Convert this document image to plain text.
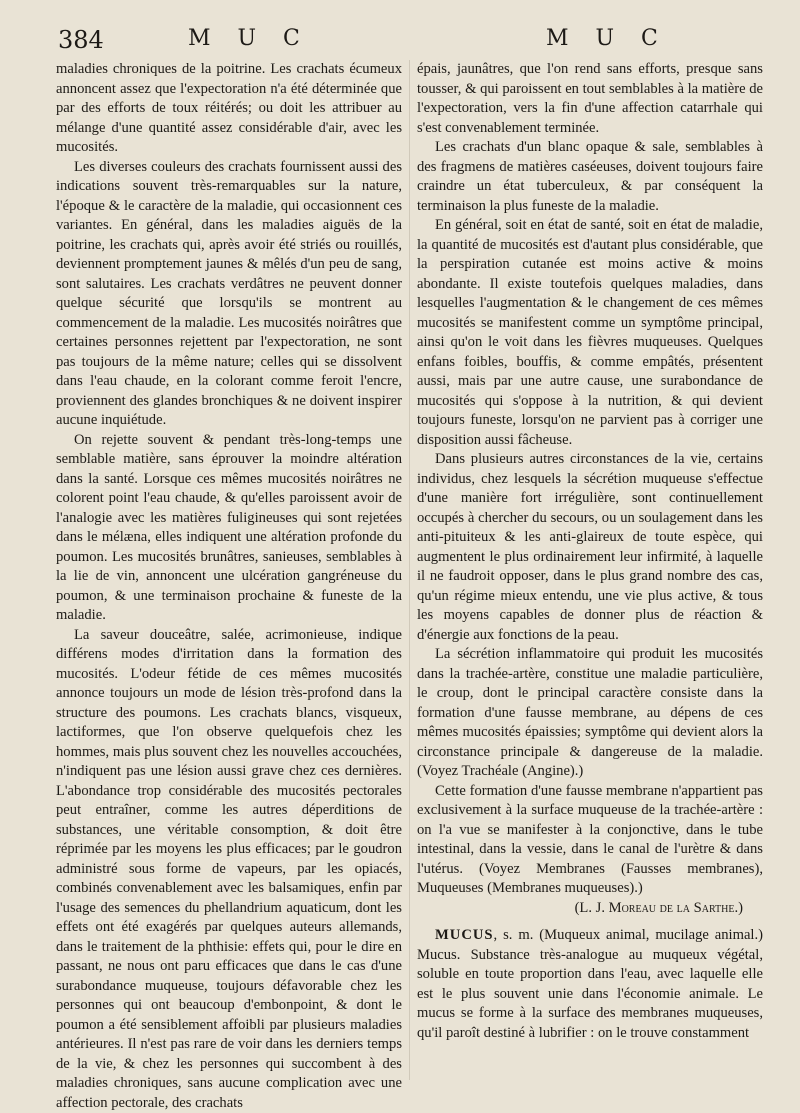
384	M U C	M U C

maladies chroniques de la poitrine. Les crachats écumeux annoncent assez que l'expectoration n'a été déterminée que par des efforts de toux réitérés; ou doit les attribuer au mélange d'une quantité assez considérable d'air, avec les mucosités.

Les diverses couleurs des crachats fournissent aussi des indications souvent très-remarquables sur la nature, l'époque & le caractère de la maladie, qui occasionnent ces variantes. En général, dans les maladies aiguës de la poitrine, les crachats qui, après avoir été striés ou rouillés, deviennent promptement jaunes & mêlés d'un peu de sang, sont salutaires. Les crachats verdâtres ne peuvent donner quelque sécurité que lorsqu'ils se montrent au commencement de la maladie. Les mucosités noirâtres que certaines personnes rejettent par l'expectoration, ne sont pas toujours de la même nature; celles qui se dissolvent dans l'eau chaude, en la colorant comme feroit l'encre, proviennent des glandes bronchiques & ne doivent inspirer aucune inquiétude.

On rejette souvent & pendant très-long-temps une semblable matière, sans éprouver la moindre altération dans la santé. Lorsque ces mêmes mucosités noirâtres ne colorent point l'eau chaude, & qu'elles paroissent avoir de l'analogie avec les matières fuligineuses qui sont rejetées dans le mélæna, elles indiquent une altération profonde du poumon. Les mucosités brunâtres, sanieuses, semblables à la lie de vin, annoncent une ulcération gangréneuse du poumon, & une terminaison prochaine & funeste de la maladie.

La saveur douceâtre, salée, acrimonieuse, indique différens modes d'irritation dans la formation des mucosités. L'odeur fétide de ces mêmes mucosités annonce toujours un mode de lésion très-profond dans la structure des poumons. Les crachats blancs, visqueux, lactiformes, que l'on observe quelquefois chez les hommes, mais plus souvent chez les nouvelles accouchées, n'indiquent pas une lésion aussi grave chez ces dernières. L'abondance trop considérable des mucosités pectorales peut entraîner, comme les autres déperditions de substances, une véritable consomption, & doit être réprimée par les moyens les plus efficaces; par le goudron administré sous forme de vapeurs, par les opiacés, combinés convenablement avec les balsamiques, enfin par l'usage des semences du phellandrium aquaticum, dont les effets ont été exagérés par quelques auteurs allemands, dans le traitement de la phthisie: effets qui, pour le dire en passant, ne nous ont paru efficaces que dans le cas d'une surabondance muqueuse, toujours défavorable chez les personnes qui ont beaucoup d'embonpoint, & dont le poumon a été sensiblement affoibli par plusieurs maladies antérieures. Il n'est pas rare de voir dans les derniers temps de la vie, & chez les personnes qui succombent à des maladies chroniques, sans aucune complication avec une affection pectorale, des crachats

épais, jaunâtres, que l'on rend sans efforts, presque sans tousser, & qui paroissent en tout semblables à la matière de l'expectoration, vers la fin d'une affection catarrhale qui s'est convenablement terminée.

Les crachats d'un blanc opaque & sale, semblables à des fragmens de matières caséeuses, doivent toujours faire craindre un état tuberculeux, & par conséquent la terminaison la plus funeste de la maladie.

En général, soit en état de santé, soit en état de maladie, la quantité de mucosités est d'autant plus considérable, que la perspiration cutanée est moins active & moins abondante. Il existe toutefois quelques maladies, dans lesquelles l'augmentation & le changement de ces mêmes mucosités se manifestent comme un symptôme principal, ainsi qu'on le voit dans les fièvres muqueuses. Quelques enfans foibles, bouffis, & comme empâtés, présentent aussi, mais par une autre cause, une surabondance de mucosités qui s'oppose à la nutrition, & qui devient toujours funeste, lorsqu'on ne parvient pas à corriger une disposition aussi fâcheuse.

Dans plusieurs autres circonstances de la vie, certains individus, chez lesquels la sécrétion muqueuse s'effectue d'une manière fort irrégulière, sont continuellement occupés à chercher du secours, ou un soulagement dans les anti-pituiteux & les anti-glaireux de toute espèce, qui augmentent le plus ordinairement leur infirmité, à laquelle il ne faudroit opposer, dans le plus grand nombre des cas, qu'un régime mieux entendu, une vie plus active, & tous les moyens capables de donner plus de réaction & d'énergie aux fonctions de la peau.

La sécrétion inflammatoire qui produit les mucosités dans la trachée-artère, constitue une maladie particulière, le croup, dont le principal caractère consiste dans la formation d'une fausse membrane, au dépens de ces mêmes mucosités épaissies; symptôme qui devient alors la circonstance principale & dangereuse de la maladie. (Voyez Trachéale (Angine).)

Cette formation d'une fausse membrane n'appartient pas exclusivement à la surface muqueuse de la trachée-artère : on l'a vue se manifester à la conjonctive, dans le tube intestinal, dans la vessie, dans le canal de l'urètre & dans l'utérus. (Voyez Membranes (Fausses membranes), Muqueuses (Membranes muqueuses).)

(L. J. Moreau de la Sarthe.)

MUCUS, s. m. (Muqueux animal, mucilage animal.) Mucus. Substance très-analogue au muqueux végétal, soluble en toute proportion dans l'eau, avec laquelle elle est le plus souvent unie dans l'économie animale. Le mucus se forme à la surface des membranes muqueuses, qu'il paroît destiné à lubrifier : on le trouve constamment
